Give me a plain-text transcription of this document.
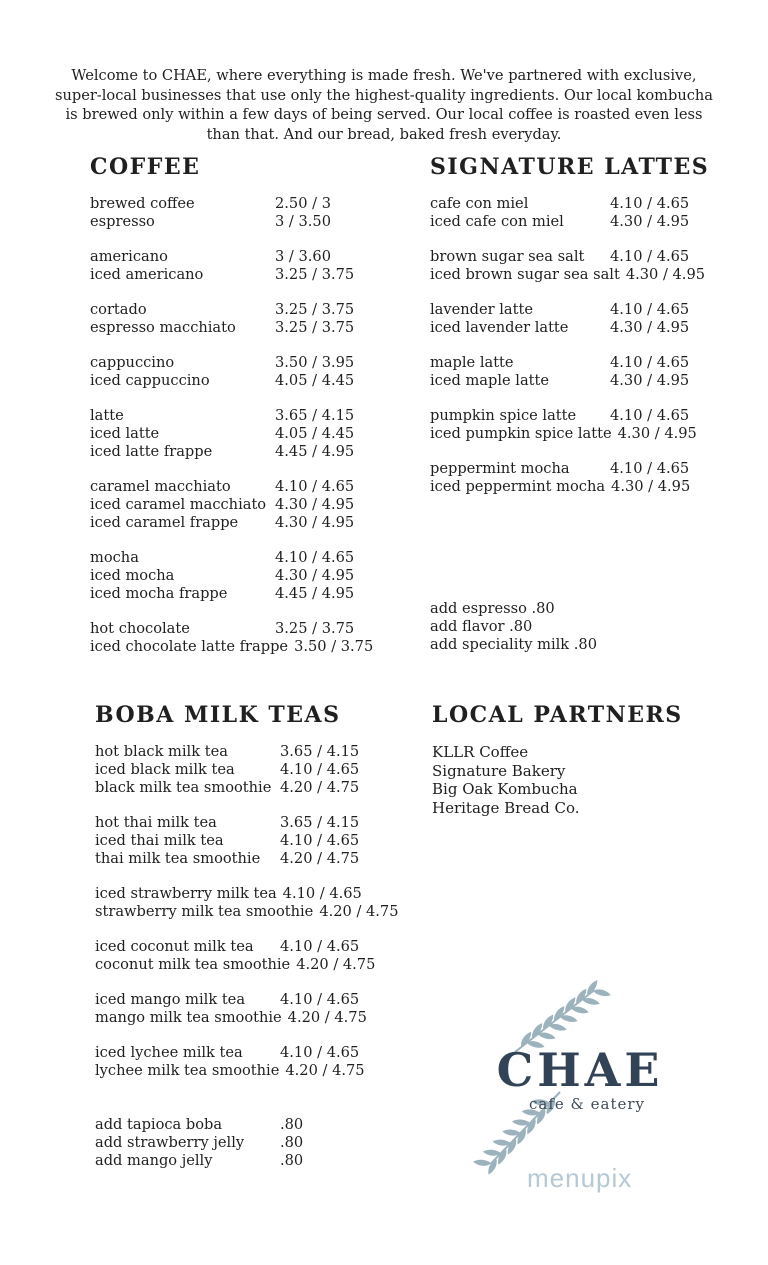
Welcome to CHAE, where everything is made fresh. We've partnered with exclusive, super-local businesses that use only the highest-quality ingredients. Our local kombucha is brewed only within a few days of being served. Our local coffee is roasted even less than that. And our bread, baked fresh everyday.

COFFEE
brewed coffee	2.50 / 3
espresso	3 / 3.50
americano	3 / 3.60
iced americano	3.25 / 3.75
cortado	3.25 / 3.75
espresso macchiato	3.25 / 3.75
cappuccino	3.50 / 3.95
iced cappuccino	4.05 / 4.45
latte	3.65 / 4.15
iced latte	4.05 / 4.45
iced latte frappe	4.45 / 4.95
caramel macchiato	4.10 / 4.65
iced caramel macchiato 4.30 / 4.95
iced caramel frappe	4.30 / 4.95
mocha	4.10 / 4.65
iced mocha	4.30 / 4.95
iced mocha frappe	4.45 / 4.95
hot chocolate	3.25 / 3.75
iced chocolate latte frappe 3.50 / 3.75
SIGNATURE LATTES
cafe con miel	4.10 / 4.65
iced cafe con miel	4.30 / 4.95
brown sugar sea salt	4.10 / 4.65
iced brown sugar sea salt 4.30 / 4.95
lavender latte	4.10 / 4.65
iced lavender latte	4.30 / 4.95
maple latte	4.10 / 4.65
iced maple latte	4.30 / 4.95
pumpkin spice latte	4.10 / 4.65
iced pumpkin spice latte 4.30 / 4.95
peppermint mocha	4.10 / 4.65
iced peppermint mocha 4.30 / 4.95
add espresso .80
add flavor .80
add speciality milk .80
BOBA MILK TEAS
hot black milk tea	3.65 / 4.15
iced black milk tea	4.10 / 4.65
black milk tea smoothie 4.20 / 4.75
hot thai milk tea	3.65 / 4.15
iced thai milk tea	4.10 / 4.65
thai milk tea smoothie	4.20 / 4.75
iced strawberry milk tea 4.10 / 4.65
strawberry milk tea smoothie 4.20 / 4.75
iced coconut milk tea	4.10 / 4.65
coconut milk tea smoothie 4.20 / 4.75
iced mango milk tea	4.10 / 4.65
mango milk tea smoothie 4.20 / 4.75
iced lychee milk tea	4.10 / 4.65
lychee milk tea smoothie 4.20 / 4.75
add tapioca boba	.80
add strawberry jelly	.80
add mango jelly	.80
LOCAL PARTNERS
KLLR Coffee
Signature Bakery
Big Oak Kombucha
Heritage Bread Co.
CHAE
cafe & eatery
menupix
